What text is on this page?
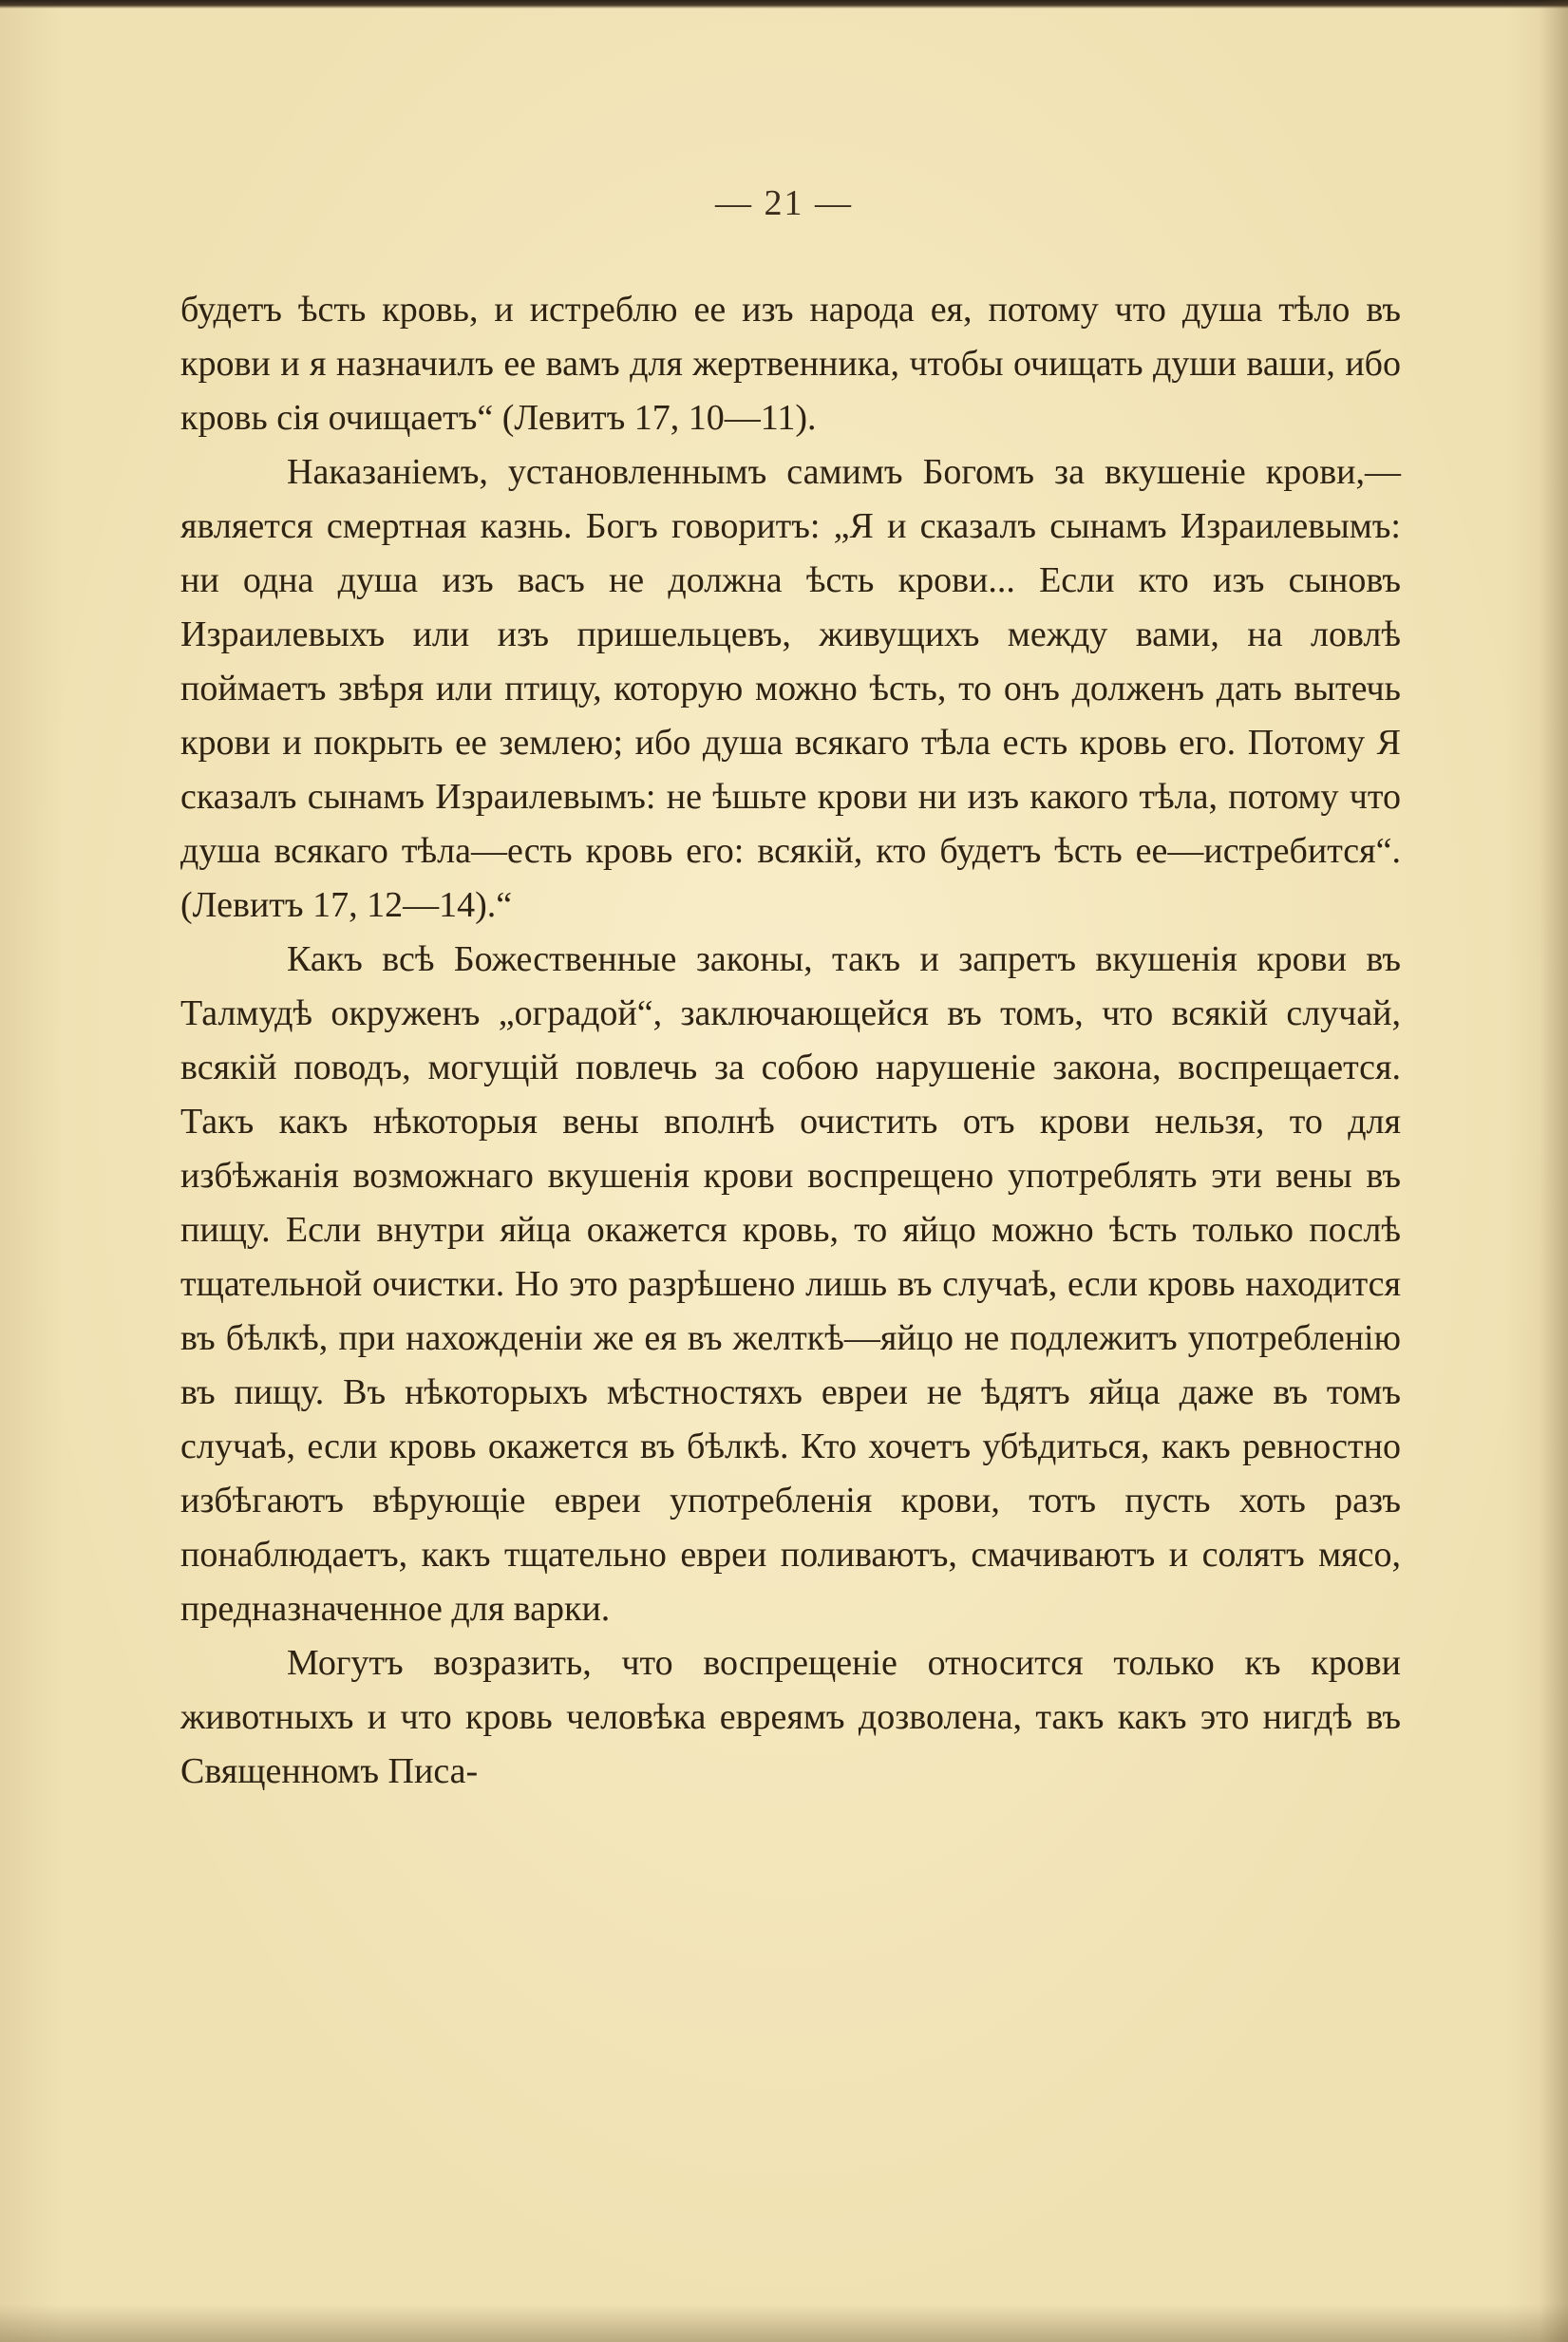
— 21 —

будетъ ѣсть кровь, и истреблю ее изъ народа ея, потому что душа тѣло въ крови и я назначилъ ее вамъ для жертвенника, чтобы очищать души ваши, ибо кровь сія очищаетъ“ (Левитъ 17, 10—11).

Наказаніемъ, установленнымъ самимъ Богомъ за вкушеніе крови,—является смертная казнь. Богъ говоритъ: „Я и сказалъ сынамъ Израилевымъ: ни одна душа изъ васъ не должна ѣсть крови... Если кто изъ сыновъ Израилевыхъ или изъ пришельцевъ, живущихъ между вами, на ловлѣ поймаетъ звѣря или птицу, которую можно ѣсть, то онъ долженъ дать вытечь крови и покрыть ее землею; ибо душа всякаго тѣла есть кровь его. Потому Я сказалъ сынамъ Израилевымъ: не ѣшьте крови ни изъ какого тѣла, потому что душа всякаго тѣла—есть кровь его: всякій, кто будетъ ѣсть ее—истребится“. (Левитъ 17, 12—14).“

Какъ всѣ Божественные законы, такъ и запретъ вкушенія крови въ Талмудѣ окруженъ „оградой“, заключающейся въ томъ, что всякій случай, всякій поводъ, могущій повлечь за собою нарушеніе закона, воспрещается. Такъ какъ нѣкоторыя вены вполнѣ очистить отъ крови нельзя, то для избѣжанія возможнаго вкушенія крови воспрещено употреблять эти вены въ пищу. Если внутри яйца окажется кровь, то яйцо можно ѣсть только послѣ тщательной очистки. Но это разрѣшено лишь въ случаѣ, если кровь находится въ бѣлкѣ, при нахожденіи же ея въ желткѣ—яйцо не подлежитъ употребленію въ пищу. Въ нѣкоторыхъ мѣстностяхъ евреи не ѣдятъ яйца даже въ томъ случаѣ, если кровь окажется въ бѣлкѣ. Кто хочетъ убѣдиться, какъ ревностно избѣгаютъ вѣрующіе евреи употребленія крови, тотъ пусть хоть разъ понаблюдаетъ, какъ тщательно евреи поливаютъ, смачиваютъ и солятъ мясо, предназначенное для варки.

Могутъ возразить, что воспрещеніе относится только къ крови животныхъ и что кровь человѣка евреямъ дозволена, такъ какъ это нигдѣ въ Священномъ Писа-
